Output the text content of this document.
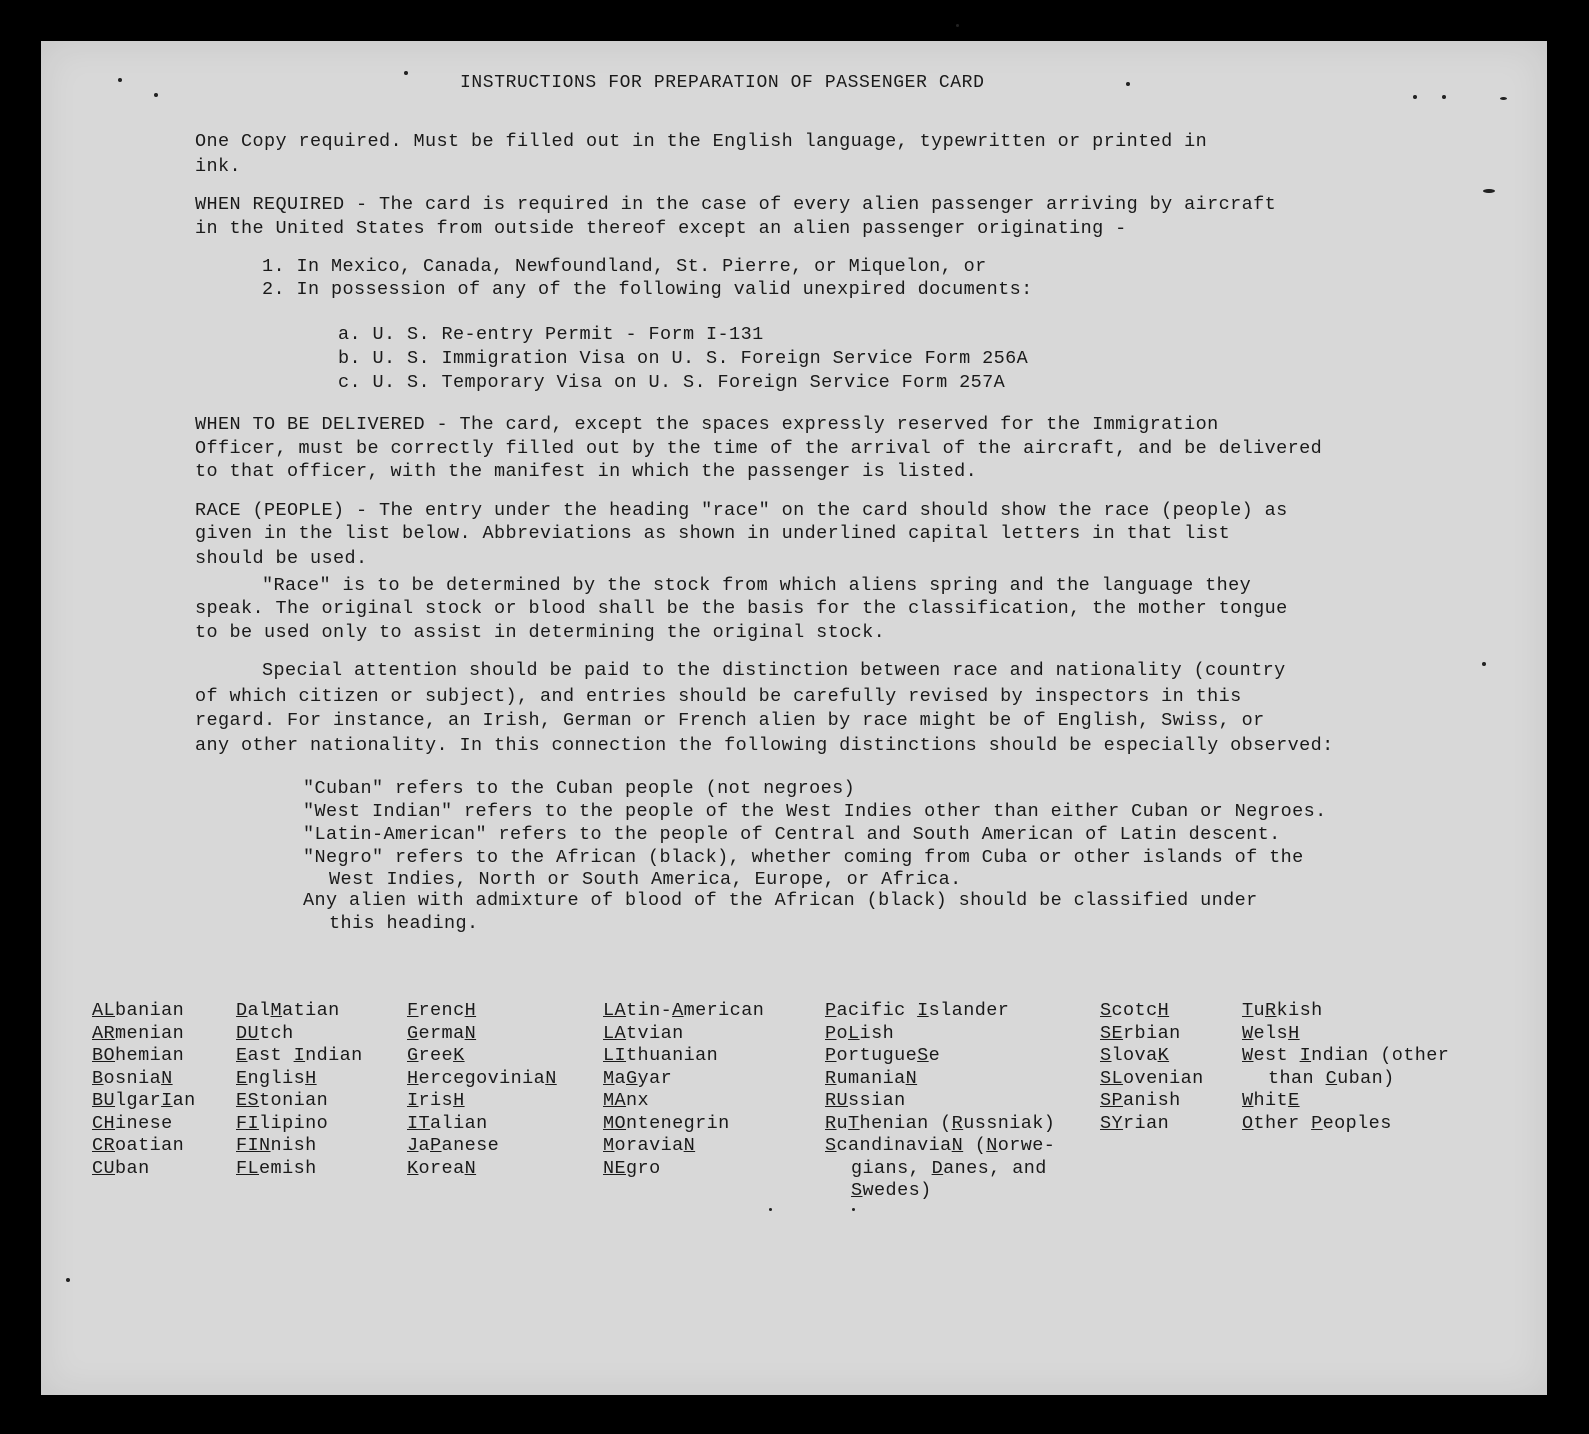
INSTRUCTIONS FOR PREPARATION OF PASSENGER CARD
One Copy required. Must be filled out in the English language, typewritten or printed in
ink.
WHEN REQUIRED - The card is required in the case of every alien passenger arriving by aircraft
in the United States from outside thereof except an alien passenger originating -
1. In Mexico, Canada, Newfoundland, St. Pierre, or Miquelon, or
2. In possession of any of the following valid unexpired documents:
a. U. S. Re-entry Permit - Form I-131
b. U. S. Immigration Visa on U. S. Foreign Service Form 256A
c. U. S. Temporary Visa on U. S. Foreign Service Form 257A
WHEN TO BE DELIVERED - The card, except the spaces expressly reserved for the Immigration
Officer, must be correctly filled out by the time of the arrival of the aircraft, and be delivered
to that officer, with the manifest in which the passenger is listed.
RACE (PEOPLE) - The entry under the heading "race" on the card should show the race (people) as
given in the list below. Abbreviations as shown in underlined capital letters in that list
should be used.
"Race" is to be determined by the stock from which aliens spring and the language they
speak. The original stock or blood shall be the basis for the classification, the mother tongue
to be used only to assist in determining the original stock.
Special attention should be paid to the distinction between race and nationality (country
of which citizen or subject), and entries should be carefully revised by inspectors in this
regard. For instance, an Irish, German or French alien by race might be of English, Swiss, or
any other nationality. In this connection the following distinctions should be especially observed:
"Cuban" refers to the Cuban people (not negroes)
"West Indian" refers to the people of the West Indies other than either Cuban or Negroes.
"Latin-American" refers to the people of Central and South American of Latin descent.
"Negro" refers to the African (black), whether coming from Cuba or other islands of the
West Indies, North or South America, Europe, or Africa.
Any alien with admixture of blood of the African (black) should be classified under
this heading.
ALbanian
ARmenian
BOhemian
BosniaN
BUlgarIan
CHinese
CRoatian
CUban
DalMatian
DUtch
East Indian
EnglisH
EStonian
FIlipino
FINnish
FLemish
FrencH
GermaN
GreeK
HercegoviniaN
IrisH
ITalian
JaPanese
KoreaN
LAtin-American
LAtvian
LIthuanian
MaGyar
MAnx
MOntenegrin
MoraviaN
NEgro
Pacific Islander
PoLish
PortugueSe
RumaniaN
RUssian
RuThenian (Russniak)
ScandinaviaN (Norwe-
gians, Danes, and
Swedes)
ScotcH
SErbian
SlovaK
SLovenian
SPanish
SYrian
TuRkish
WelsH
West Indian (other
than Cuban)
WhitE
Other Peoples
